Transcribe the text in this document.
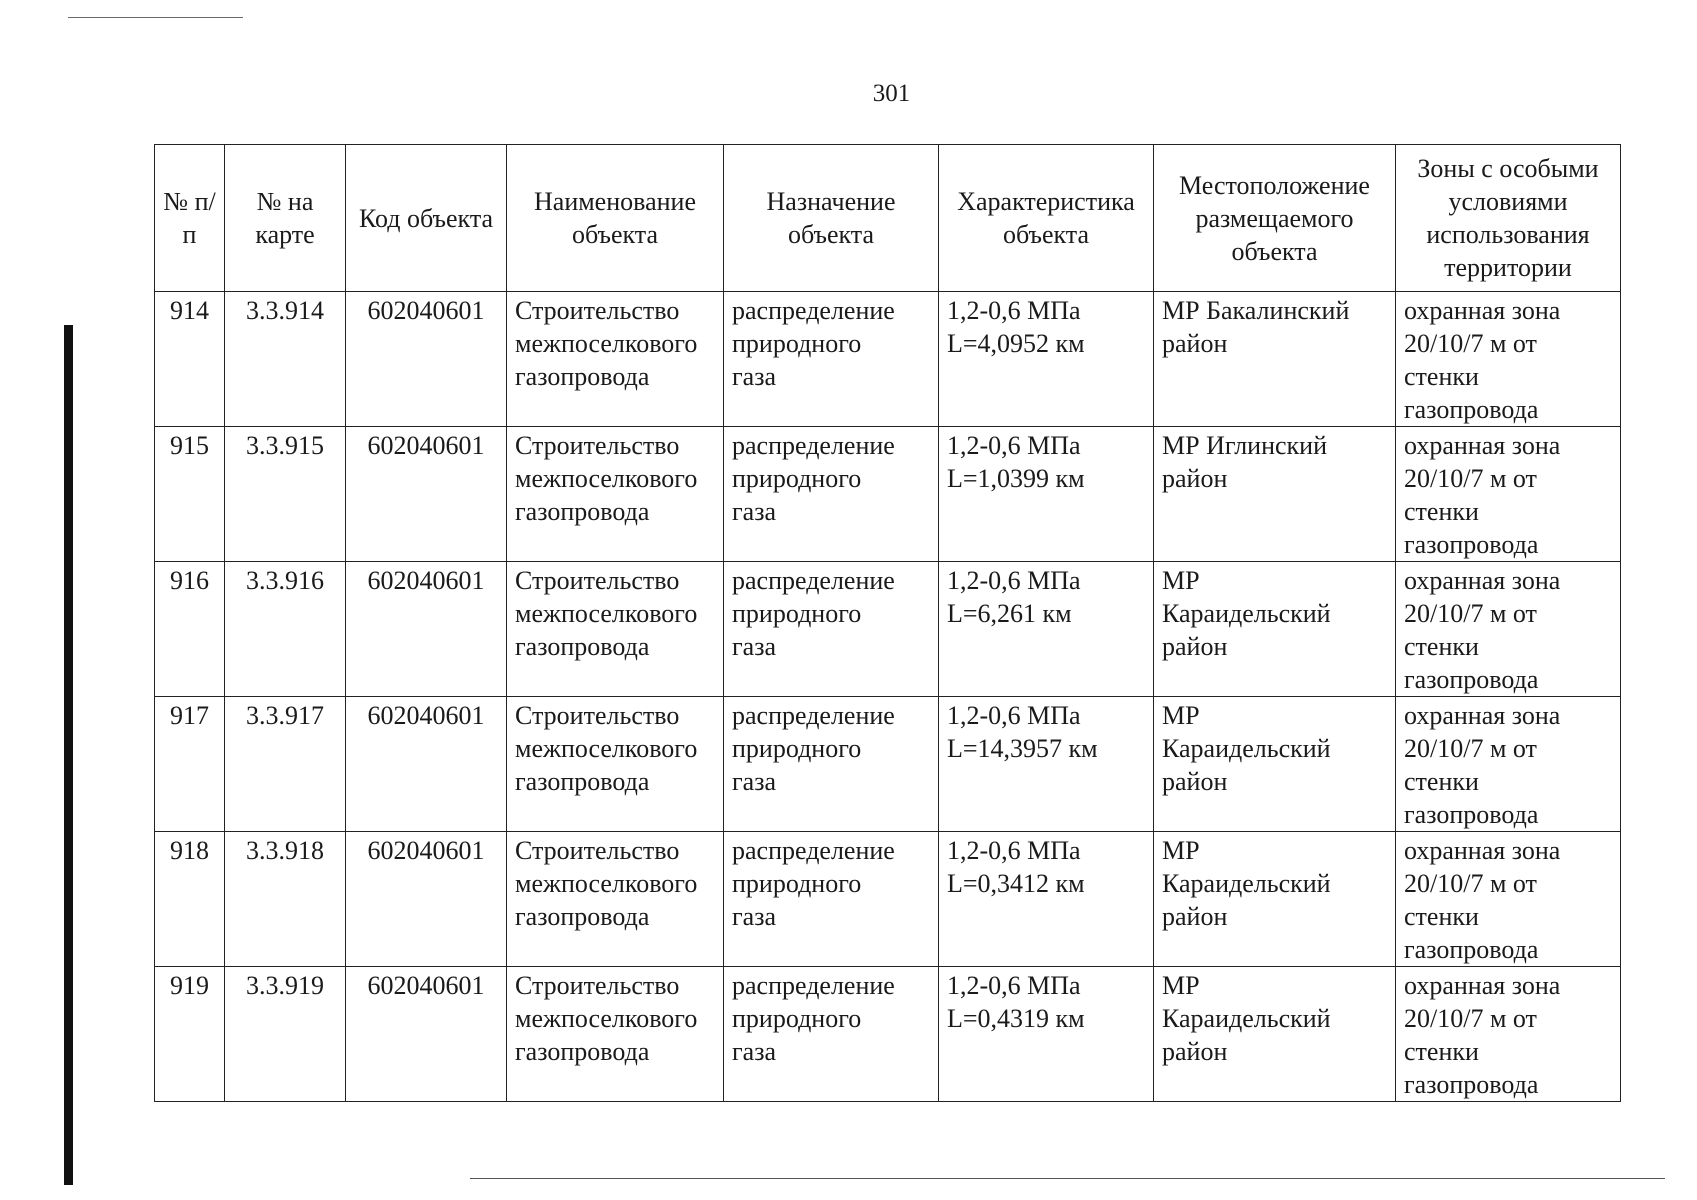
301
№ п/п	№ на карте	Код объекта	Наименование объекта	Назначение объекта	Характеристика объекта	Местоположение размещаемого объекта	Зоны с особыми условиями использования территории
914	3.3.914	602040601	Строительство
межпоселкового
газопровода	распределение
природного
газа	1,2-0,6 МПа
L=4,0952 км	МР Бакалинский
район	охранная зона
20/10/7 м от
стенки
газопровода

915	3.3.915	602040601	Строительство
межпоселкового
газопровода	распределение
природного
газа	1,2-0,6 МПа
L=1,0399 км	МР Иглинский
район	охранная зона
20/10/7 м от
стенки
газопровода

916	3.3.916	602040601	Строительство
межпоселкового
газопровода	распределение
природного
газа	1,2-0,6 МПа
L=6,261 км	МР
Караидельский
район	охранная зона
20/10/7 м от
стенки
газопровода

917	3.3.917	602040601	Строительство
межпоселкового
газопровода	распределение
природного
газа	1,2-0,6 МПа
L=14,3957 км	МР
Караидельский
район	охранная зона
20/10/7 м от
стенки
газопровода

918	3.3.918	602040601	Строительство
межпоселкового
газопровода	распределение
природного
газа	1,2-0,6 МПа
L=0,3412 км	МР
Караидельский
район	охранная зона
20/10/7 м от
стенки
газопровода

919	3.3.919	602040601	Строительство
межпоселкового
газопровода	распределение
природного
газа	1,2-0,6 МПа
L=0,4319 км	МР
Караидельский
район	охранная зона
20/10/7 м от
стенки
газопровода
